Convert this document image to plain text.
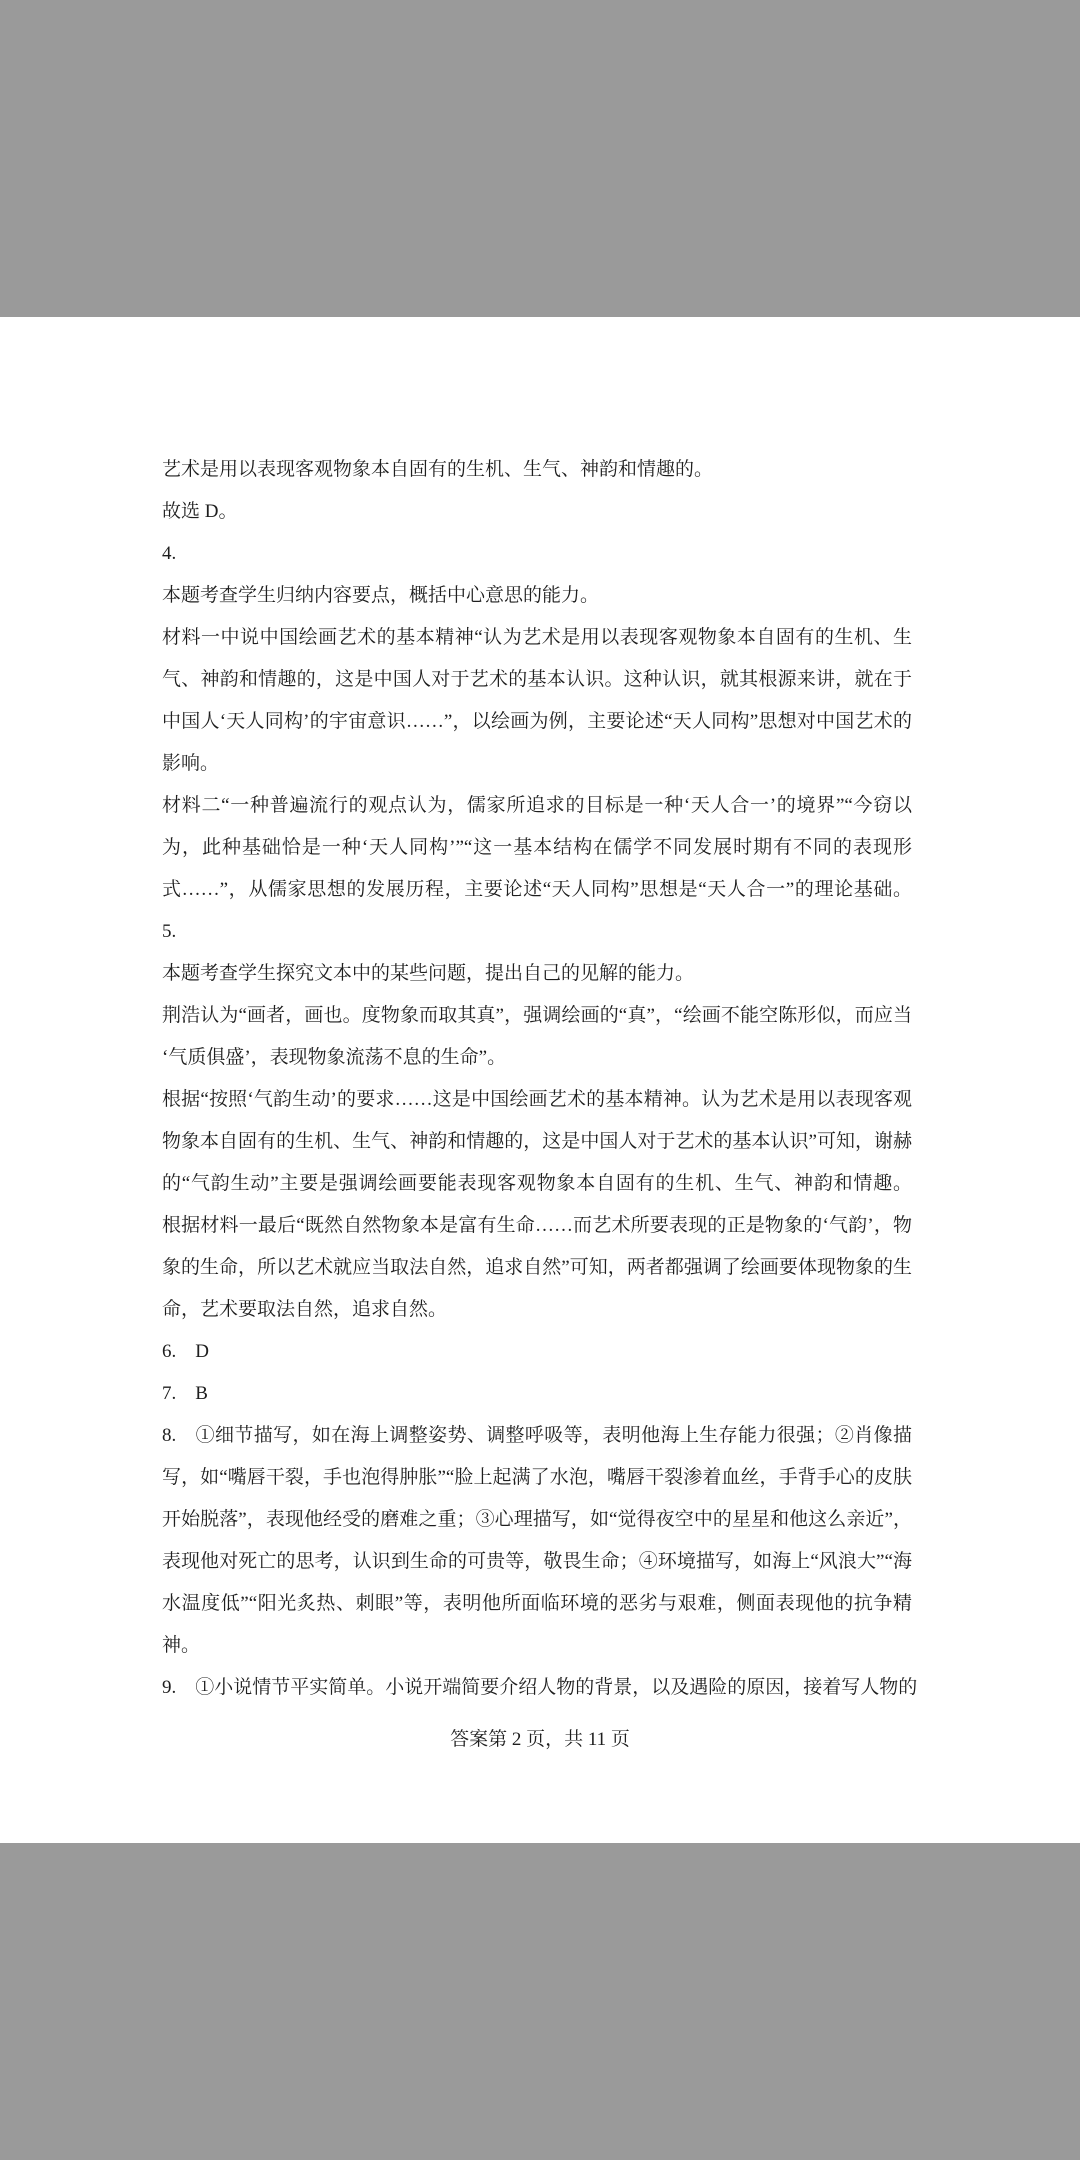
艺术是用以表现客观物象本自固有的生机、生气、神韵和情趣的。
故选 D。
4.
本题考查学生归纳内容要点，概括中心意思的能力。
材料一中说中国绘画艺术的基本精神“认为艺术是用以表现客观物象本自固有的生机、生
气、神韵和情趣的，这是中国人对于艺术的基本认识。这种认识，就其根源来讲，就在于
中国人‘天人同构’的宇宙意识……”，以绘画为例，主要论述“天人同构”思想对中国艺术的
影响。
材料二“一种普遍流行的观点认为，儒家所追求的目标是一种‘天人合一’的境界”“今窃以
为，此种基础恰是一种‘天人同构’”“这一基本结构在儒学不同发展时期有不同的表现形
式……”，从儒家思想的发展历程，主要论述“天人同构”思想是“天人合一”的理论基础。
5.
本题考查学生探究文本中的某些问题，提出自己的见解的能力。
荆浩认为“画者，画也。度物象而取其真”，强调绘画的“真”，“绘画不能空陈形似，而应当
‘气质俱盛’，表现物象流荡不息的生命”。
根据“按照‘气韵生动’的要求……这是中国绘画艺术的基本精神。认为艺术是用以表现客观
物象本自固有的生机、生气、神韵和情趣的，这是中国人对于艺术的基本认识”可知，谢赫
的“气韵生动”主要是强调绘画要能表现客观物象本自固有的生机、生气、神韵和情趣。
根据材料一最后“既然自然物象本是富有生命……而艺术所要表现的正是物象的‘气韵’，物
象的生命，所以艺术就应当取法自然，追求自然”可知，两者都强调了绘画要体现物象的生
命，艺术要取法自然，追求自然。
6. D
7. B
8. ①细节描写，如在海上调整姿势、调整呼吸等，表明他海上生存能力很强；②肖像描
写，如“嘴唇干裂，手也泡得肿胀”“脸上起满了水泡，嘴唇干裂渗着血丝，手背手心的皮肤
开始脱落”，表现他经受的磨难之重；③心理描写，如“觉得夜空中的星星和他这么亲近”，
表现他对死亡的思考，认识到生命的可贵等，敬畏生命；④环境描写，如海上“风浪大”“海
水温度低”“阳光炙热、刺眼”等，表明他所面临环境的恶劣与艰难，侧面表现他的抗争精
神。
9. ①小说情节平实简单。小说开端简要介绍人物的背景，以及遇险的原因，接着写人物的
答案第 2 页，共 11 页
